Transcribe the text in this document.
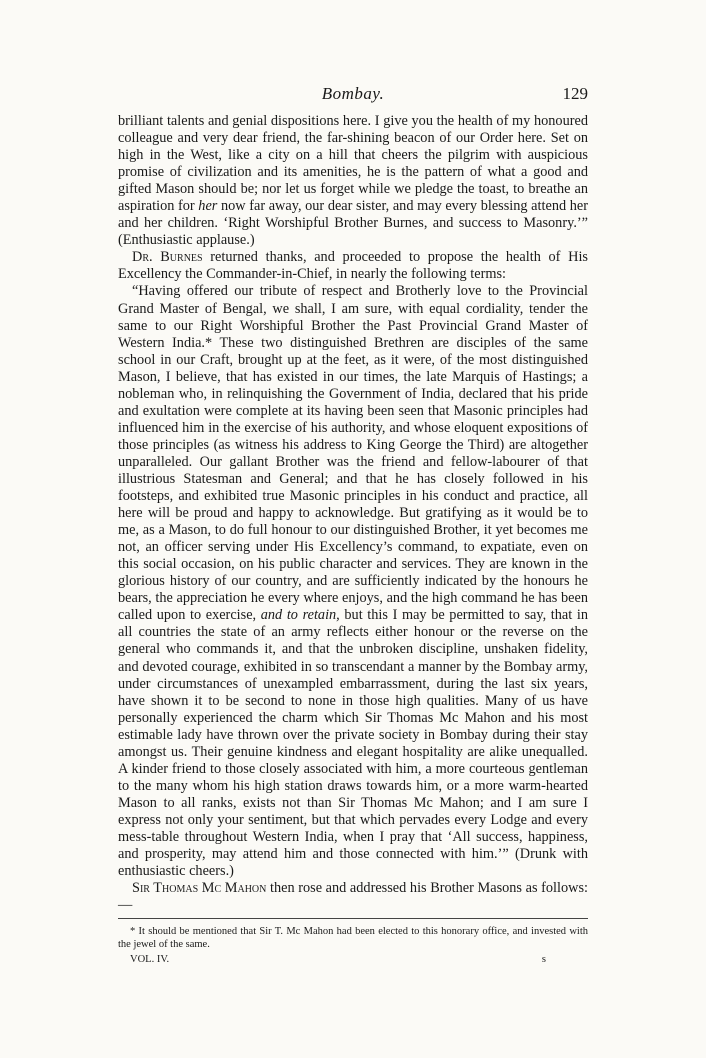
Bombay.	129

brilliant talents and genial dispositions here. I give you the health of my honoured colleague and very dear friend, the far-shining beacon of our Order here. Set on high in the West, like a city on a hill that cheers the pilgrim with auspicious promise of civilization and its amenities, he is the pattern of what a good and gifted Mason should be; nor let us forget while we pledge the toast, to breathe an aspiration for her now far away, our dear sister, and may every blessing attend her and her children. ‘Right Worshipful Brother Burnes, and success to Masonry.’” (Enthusiastic applause.)

Dr. Burnes returned thanks, and proceeded to propose the health of His Excellency the Commander-in-Chief, in nearly the following terms:

“Having offered our tribute of respect and Brotherly love to the Provincial Grand Master of Bengal, we shall, I am sure, with equal cordiality, tender the same to our Right Worshipful Brother the Past Provincial Grand Master of Western India.* These two distinguished Brethren are disciples of the same school in our Craft, brought up at the feet, as it were, of the most distinguished Mason, I believe, that has existed in our times, the late Marquis of Hastings; a nobleman who, in relinquishing the Government of India, declared that his pride and exultation were complete at its having been seen that Masonic principles had influenced him in the exercise of his authority, and whose eloquent expositions of those principles (as witness his address to King George the Third) are altogether unparalleled. Our gallant Brother was the friend and fellow-labourer of that illustrious Statesman and General; and that he has closely followed in his footsteps, and exhibited true Masonic principles in his conduct and practice, all here will be proud and happy to acknowledge. But gratifying as it would be to me, as a Mason, to do full honour to our distinguished Brother, it yet becomes me not, an officer serving under His Excellency’s command, to expatiate, even on this social occasion, on his public character and services. They are known in the glorious history of our country, and are sufficiently indicated by the honours he bears, the appreciation he every where enjoys, and the high command he has been called upon to exercise, and to retain, but this I may be permitted to say, that in all countries the state of an army reflects either honour or the reverse on the general who commands it, and that the unbroken discipline, unshaken fidelity, and devoted courage, exhibited in so transcendant a manner by the Bombay army, under circumstances of unexampled embarrassment, during the last six years, have shown it to be second to none in those high qualities. Many of us have personally experienced the charm which Sir Thomas Mc Mahon and his most estimable lady have thrown over the private society in Bombay during their stay amongst us. Their genuine kindness and elegant hospitality are alike unequalled. A kinder friend to those closely associated with him, a more courteous gentleman to the many whom his high station draws towards him, or a more warm-hearted Mason to all ranks, exists not than Sir Thomas Mc Mahon; and I am sure I express not only your sentiment, but that which pervades every Lodge and every mess-table throughout Western India, when I pray that ‘All success, happiness, and prosperity, may attend him and those connected with him.’” (Drunk with enthusiastic cheers.)

Sir Thomas Mc Mahon then rose and addressed his Brother Masons as follows:—

* It should be mentioned that Sir T. Mc Mahon had been elected to this honorary office, and invested with the jewel of the same.

VOL. IV.	s
